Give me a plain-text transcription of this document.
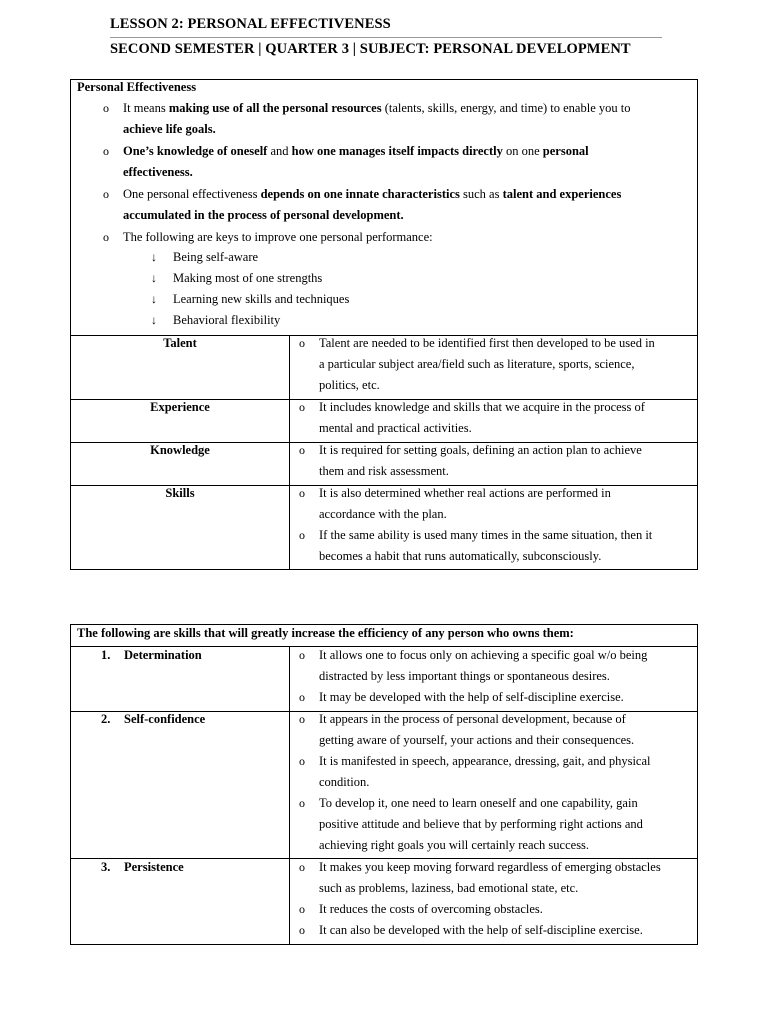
LESSON 2: PERSONAL EFFECTIVENESS
SECOND SEMESTER | QUARTER 3 | SUBJECT: PERSONAL DEVELOPMENT
Personal Effectiveness
o It means making use of all the personal resources (talents, skills, energy, and time) to enable you to
achieve life goals.
o One’s knowledge of oneself and how one manages itself impacts directly on one personal
effectiveness.
o One personal effectiveness depends on one innate characteristics such as talent and experiences
accumulated in the process of personal development.
o The following are keys to improve one personal performance:
↓ Being self-aware
↓ Making most of one strengths
↓ Learning new skills and techniques
↓ Behavioral flexibility
Talent	o Talent are needed to be identified first then developed to be used in
a particular subject area/field such as literature, sports, science,
politics, etc.
Experience	o It includes knowledge and skills that we acquire in the process of
mental and practical activities.
Knowledge	o It is required for setting goals, defining an action plan to achieve
them and risk assessment.
Skills	o It is also determined whether real actions are performed in
accordance with the plan.
o If the same ability is used many times in the same situation, then it
becomes a habit that runs automatically, subconsciously.
The following are skills that will greatly increase the efficiency of any person who owns them:
1. Determination	o It allows one to focus only on achieving a specific goal w/o being
distracted by less important things or spontaneous desires.
o It may be developed with the help of self-discipline exercise.
2. Self-confidence	o It appears in the process of personal development, because of
getting aware of yourself, your actions and their consequences.
o It is manifested in speech, appearance, dressing, gait, and physical
condition.
o To develop it, one need to learn oneself and one capability, gain
positive attitude and believe that by performing right actions and
achieving right goals you will certainly reach success.
3. Persistence	o It makes you keep moving forward regardless of emerging obstacles
such as problems, laziness, bad emotional state, etc.
o It reduces the costs of overcoming obstacles.
o It can also be developed with the help of self-discipline exercise.
